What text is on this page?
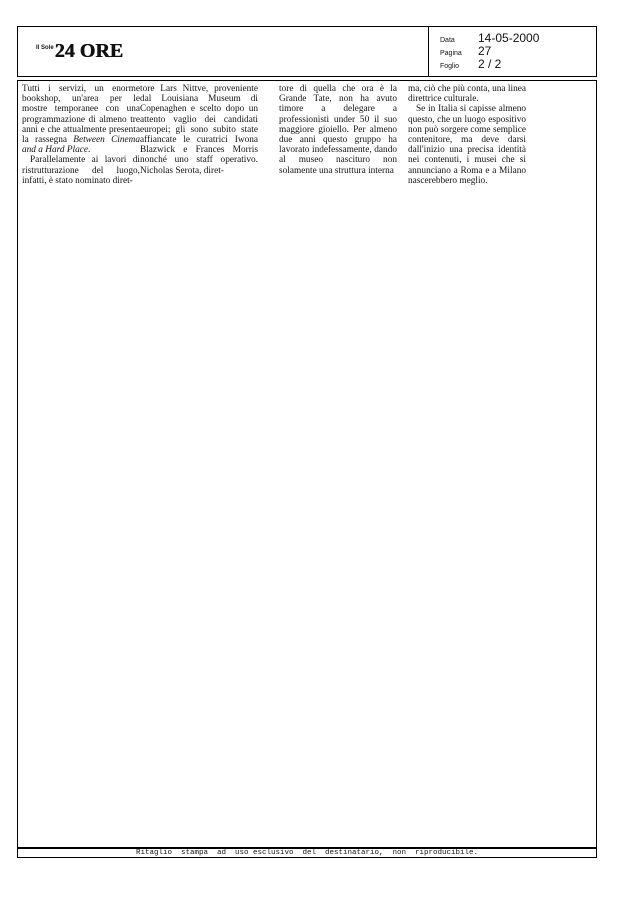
Il Sole 24 ORE	Data	14-05-2000
Pagina	27
Foglio	2 / 2

Tutti i servizi, un enorme bookshop, un'area per le mostre temporanee con una programmazione di almeno tre anni e che attualmente presenta la rassegna Between Cinema and a Hard Place.

Parallelamente ai lavori di ristrutturazione del luogo, infatti, è stato nominato diret-

tore Lars Nittve, proveniente dal Louisiana Museum di Copenaghen e scelto dopo un attento vaglio dei candidati europei; gli sono subito state affiancate le curatrici Iwona Blazwick e Frances Morris nonché uno staff operativo. Nicholas Serota, diret-

tore di quella che ora è la Grande Tate, non ha avuto timore a delegare a professionisti under 50 il suo maggiore gioiello. Per almeno due anni questo gruppo ha lavorato indefessamente, dando al museo nascituro non solamente una struttura interna

ma, ciò che più conta, una linea direttrice culturale.

Se in Italia si capisse almeno questo, che un luogo espositivo non può sorgere come semplice contenitore, ma deve darsi dall'inizio una precisa identità nei contenuti, i musei che si annunciano a Roma e a Milano nascerebbero meglio.

Ritaglio  stampa  ad  uso esclusivo  del  destinatario,  non  riproducibile.
